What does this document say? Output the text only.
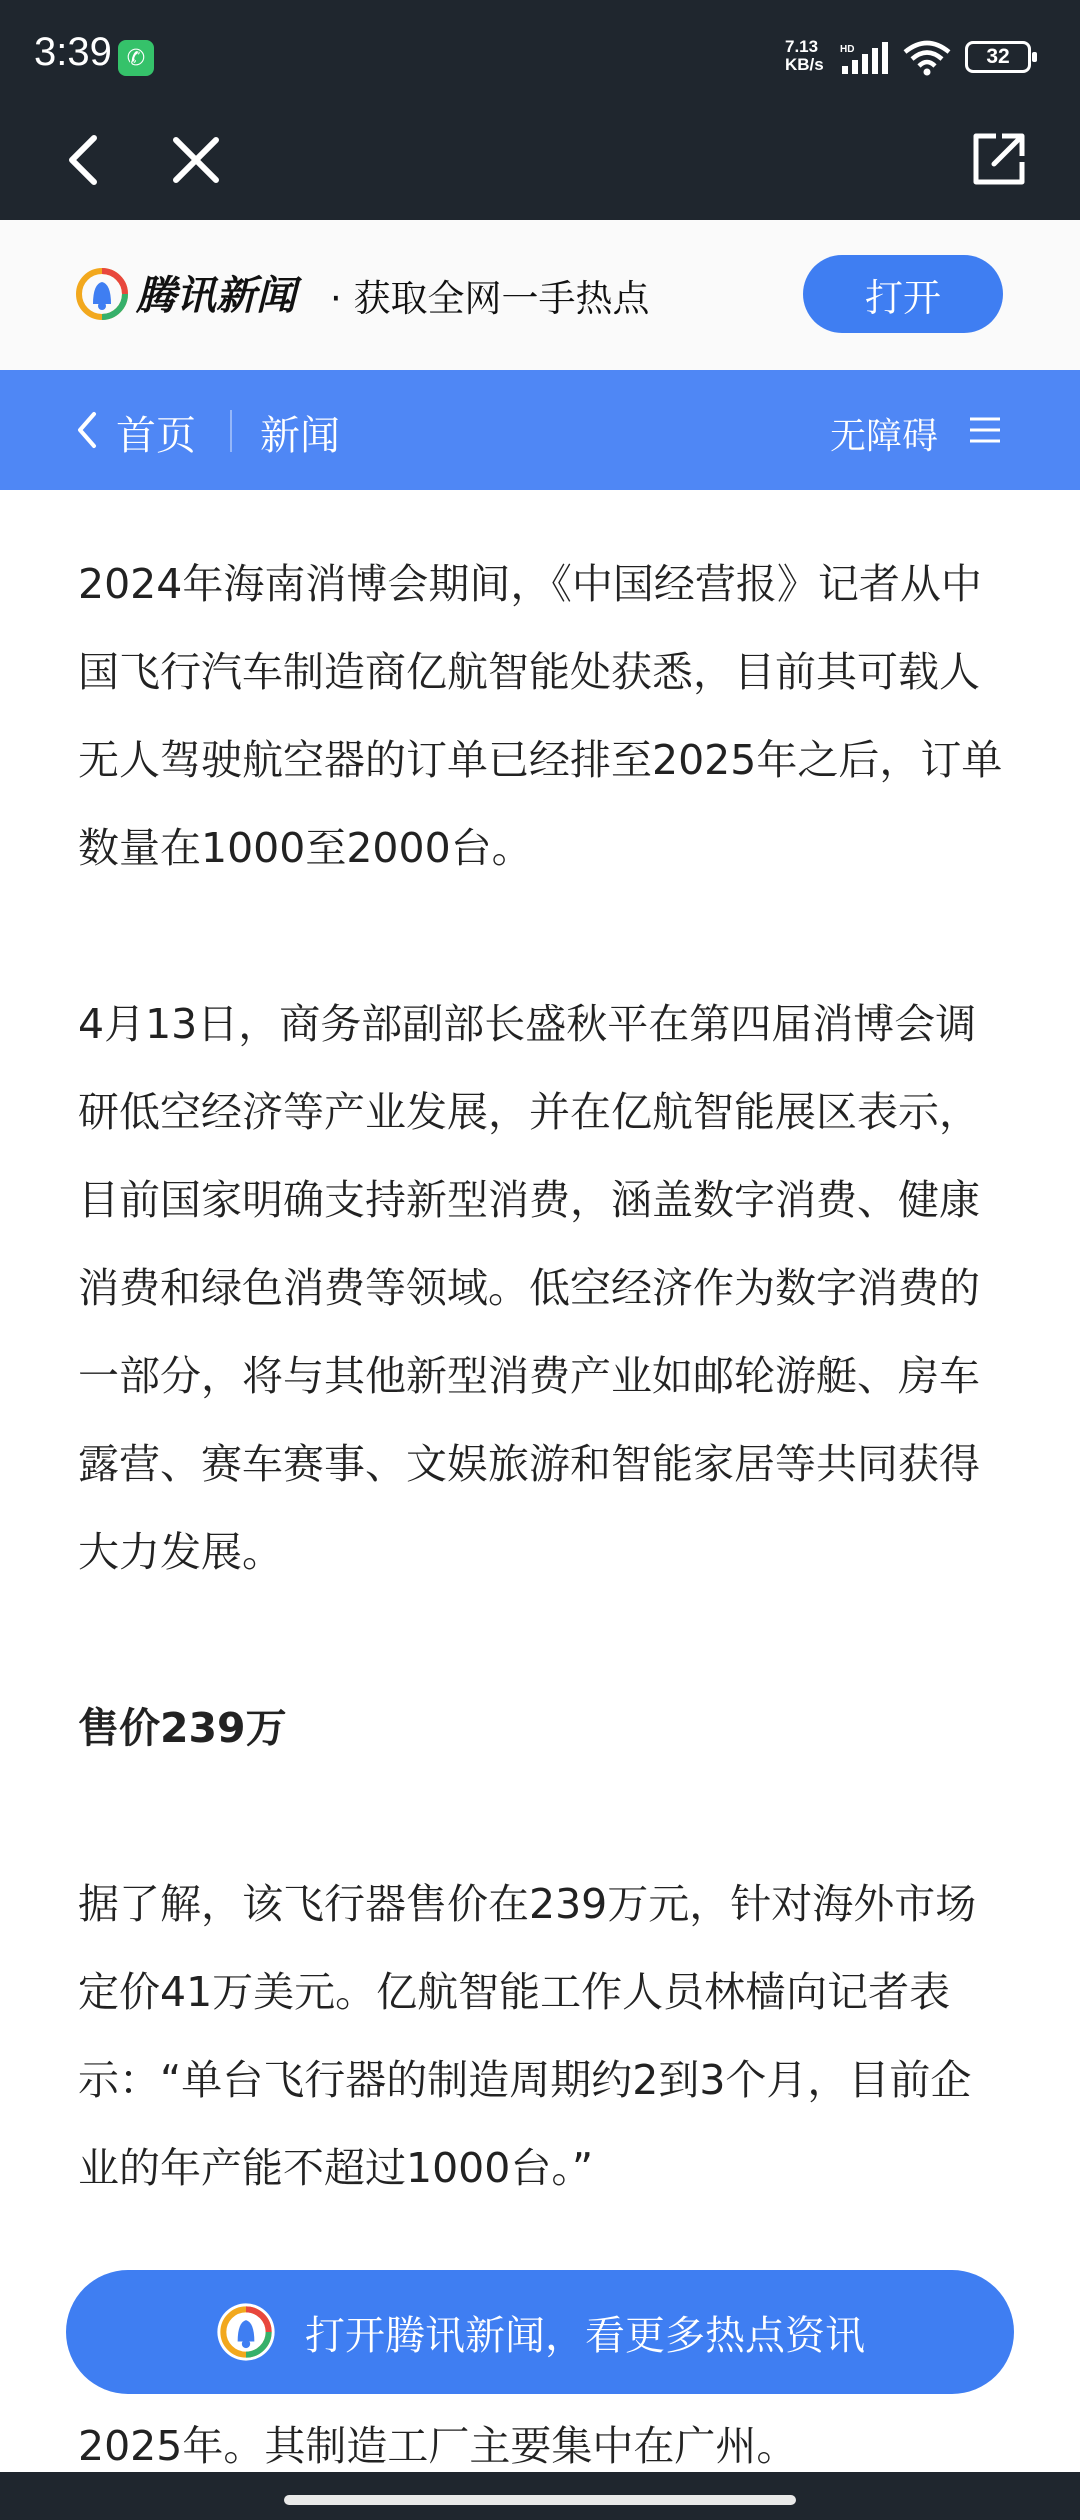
3:39 ✆	7.13
KB/s
HD	32
腾讯新闻 · 获取全网一手热点	打开
首页 新闻	无障碍

2024年海南消博会期间，《中国经营报》记者从中国飞行汽车制造商亿航智能处获悉，目前其可载人无人驾驶航空器的订单已经排至2025年之后，订单数量在1000至2000台。

4月13日，商务部副部长盛秋平在第四届消博会调研低空经济等产业发展，并在亿航智能展区表示，目前国家明确支持新型消费，涵盖数字消费、健康消费和绿色消费等领域。低空经济作为数字消费的一部分，将与其他新型消费产业如邮轮游艇、房车露营、赛车赛事、文娱旅游和智能家居等共同获得大力发展。

售价239万

据了解，该飞行器售价在239万元，针对海外市场定价41万美元。亿航智能工作人员林樯向记者表示：“单台飞行器的制造周期约2到3个月，目前企业的年产能不超过1000台。”

打开腾讯新闻，看更多热点资讯
2025年。其制造工厂主要集中在广州。
